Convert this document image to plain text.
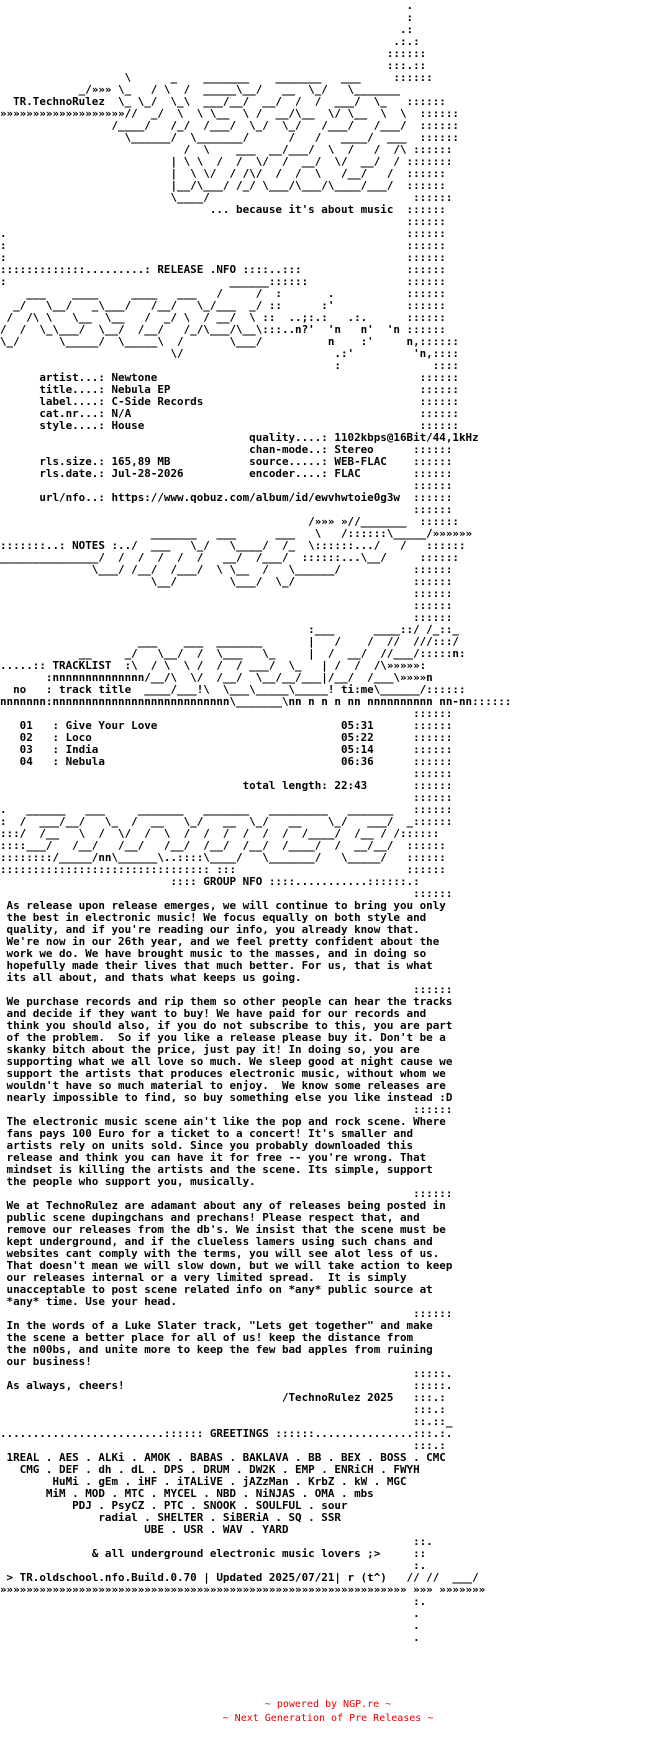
.
:
.:
.:.:
::::::
:::.::
\      _    _______    _______   ___     ::::::
_/»»» \_   / \  /  _____\__/   __  \_/   \_______
TR.TechnoRulez  \_ \_/  \_\  ___/__/  __/  /  /  ___/  \_   ::::::
»»»»»»»»»»»»»»»»»»»//  _/  \  \ \__  \ /  __/\__  \/ \__  \  \  ::::::
/____/   /_/  /___/  \_/  \_/   /___/   /___/  ::::::
\______/  \_______/      /   /   ____/  ___  ::::::
/  \    ___  __/___/  \  /   /  /\ ::::::
| \ \  /  /  \/  /  __/  \/  __/  / :::::::
|  \ \/  / /\/  /  /  \   /__/   /  ::::::
|__/\___/ /_/ \___/\___/\____/___/  ::::::
\____/                               ::::::
... because it's about music  ::::::
::::::
.                                                             ::::::
:                                                             ::::::
:                                                             ::::::
:::::::::::::.........: RELEASE .NFO ::::..:::                ::::::
:                                  ______::::::               ::::::
___    ____     ____   ___   /     /  :       .           ::::::
_/   \__/   _\___/   /__/   \_/___  _/ ::      :'           ::::::
/  /\ \   \__  \__   /  _/ \  / __/  \ ::  ..;:.:   .:.      ::::::
/  /  \_\___/  \__/  /__/   /_/\___/\__\:::..n?'  'n   n'  'n ::::::
\_/      \_____/  \_____\  /       \___/          n    :'     n,::::::
\/                       .:'         'n,::::
:              ::::
artist...: Newtone                                        ::::::
title....: Nebula EP                                      ::::::
label....: C-Side Records                                 ::::::
cat.nr...: N/A                                            ::::::
style....: House                                          ::::::
quality....: 1102kbps@16Bit/44,1kHz
chan-mode..: Stereo      ::::::
rls.size.: 165,89 MB            source.....: WEB-FLAC    ::::::
rls.date.: Jul-28-2026          encoder....: FLAC        ::::::
::::::
url/nfo..: https://www.qobuz.com/album/id/ewvhwtoie0g3w  ::::::
::::::
/»»» »//_______  ::::::
_______   ___      ___   \   /::::::\_____/»»»»»»
:::::::..: NOTES :../  ___   \_/   \____/  /_  \::::::.../   /   ::::::
_______________/  /  /  /  /  /   __/  /___/  ::::::...\__/     ::::::
\___/ /__/  /___/  \ \__  /   \______/           ::::::
\__/        \___/  \_/                  ::::::
::::::
::::::
::::::
:___      ____::/ /_::_
___    ___  _______       |   /    /  //  ///:::/
__     _/   \__/  /  \___   \_     |  /  __/  //___/:::::n:
.....:: TRACKLIST  :\  / \  \ /  /  / ___/  \_   | /  /  /\»»»»»:
:nnnnnnnnnnnnnn/__/\  \/  /__/  \__/__/___|/__/  /___\»»»»n
no   : track title  ____/___!\  \___\_____\_____! ti:me\______/::::::
nnnnnnn:nnnnnnnnnnnnnnnnnnnnnnnnnnn\_______\nn n n n nn nnnnnnnnnn nn-nn::::::
::::::
01   : Give Your Love                            05:31      ::::::
02   : Loco                                      05:22      ::::::
03   : India                                     05:14      ::::::
04   : Nebula                                    06:36      ::::::
::::::
total length: 22:43       ::::::
::::::
.   ______   ___     _______   _______   _________   _______   ::::::
:  /  ___/__/   \_  /  __   \_/   __  \_/   __    \_/   ___/  _::::::
:::/  /__   \  /  \/  /  \  /  /  /  /  /  /  /____/  /__ / /::::::
::::___/   /__/   /__/   /__/  /__/  /__/  /____/  /  __/__/  ::::::
::::::::/_____/nn\______\..::::\____/   \_______/   \_____/   ::::::
:::::::::::::::::::::::::::::::: :::                          ::::::
:::: GROUP NFO ::::...........::::::.:
::::::
As release upon release emerges, we will continue to bring you only
the best in electronic music! We focus equally on both style and
quality, and if you're reading our info, you already know that.
We're now in our 26th year, and we feel pretty confident about the
work we do. We have brought music to the masses, and in doing so
hopefully made their lives that much better. For us, that is what
its all about, and thats what keeps us going.
::::::
We purchase records and rip them so other people can hear the tracks
and decide if they want to buy! We have paid for our records and
think you should also, if you do not subscribe to this, you are part
of the problem.  So if you like a release please buy it. Don't be a
skanky bitch about the price, just pay it! In doing so, you are
supporting what we all love so much. We sleep good at night cause we
support the artists that produces electronic music, without whom we
wouldn't have so much material to enjoy.  We know some releases are
nearly impossible to find, so buy something else you like instead :D
::::::
The electronic music scene ain't like the pop and rock scene. Where
fans pays 100 Euro for a ticket to a concert! It's smaller and
artists rely on units sold. Since you probably downloaded this
release and think you can have it for free -- you're wrong. That
mindset is killing the artists and the scene. Its simple, support
the people who support you, musically.
::::::
We at TechnoRulez are adamant about any of releases being posted in
public scene dupingchans and prechans! Please respect that, and
remove our releases from the db's. We insist that the scene must be
kept underground, and if the clueless lamers using such chans and
websites cant comply with the terms, you will see alot less of us.
That doesn't mean we will slow down, but we will take action to keep
our releases internal or a very limited spread.  It is simply
unacceptable to post scene related info on *any* public source at
*any* time. Use your head.
::::::
In the words of a Luke Slater track, "Lets get together" and make
the scene a better place for all of us! keep the distance from
the n00bs, and unite more to keep the few bad apples from ruining
our business!
:::::.
As always, cheers!                                            :::::.
/TechnoRulez 2025   :::.:
:::.:
::.::_
.........................:::::: GREETINGS ::::::...............:::.:.
:::.:
1REAL . AES . ALKi . AMOK . BABAS . BAKLAVA . BB . BEX . BOSS . CMC
CMG . DEF . dh . dL . DPS . DRUM . DW2K . EMP . ENRiCH . FWYH
HuMi . gEm . iHF . iTALiVE . jAZzMan . KrbZ . kW . MGC
MiM . MOD . MTC . MYCEL . NBD . NiNJAS . OMA . mbs
PDJ . PsyCZ . PTC . SNOOK . SOULFUL . sour
radial . SHELTER . SiBERiA . SQ . SSR
UBE . USR . WAV . YARD
::.
& all underground electronic music lovers ;>     ::
:.
> TR.oldschool.nfo.Build.0.70 | Updated 2025/07/21| r (t^)   // //  ___/
»»»»»»»»»»»»»»»»»»»»»»»»»»»»»»»»»»»»»»»»»»»»»»»»»»»»»»»»»»»»»» »»» »»»»»»»
:.
.
.
.
~ powered by NGP.re ~
~ Next Generation of Pre Releases ~
